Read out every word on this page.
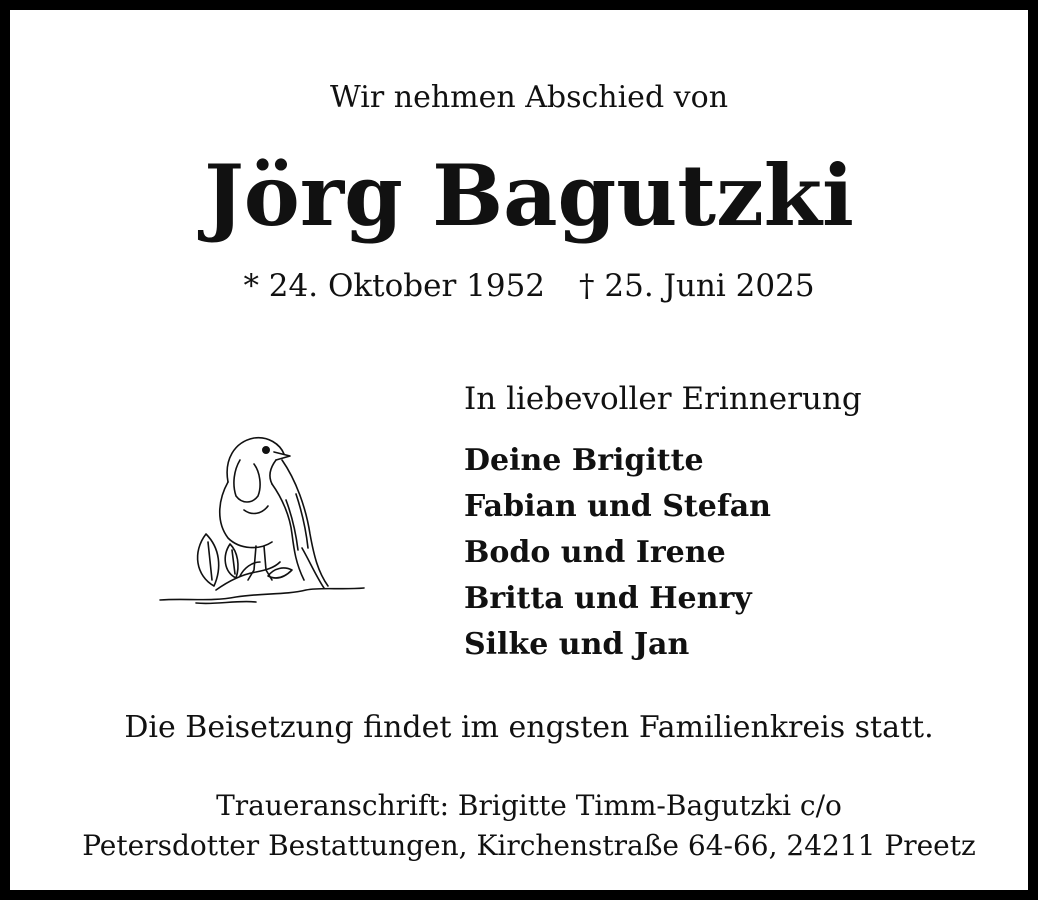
Wir nehmen Abschied von
Jörg Bagutzki
* 24. Oktober 1952 † 25. Juni 2025
In liebevoller Erinnerung
Deine Brigitte
Fabian und Stefan
Bodo und Irene
Britta und Henry
Silke und Jan
Die Beisetzung findet im engsten Familienkreis statt.
Traueranschrift: Brigitte Timm-Bagutzki c/o
Petersdotter Bestattungen, Kirchenstraße 64-66, 24211 Preetz
